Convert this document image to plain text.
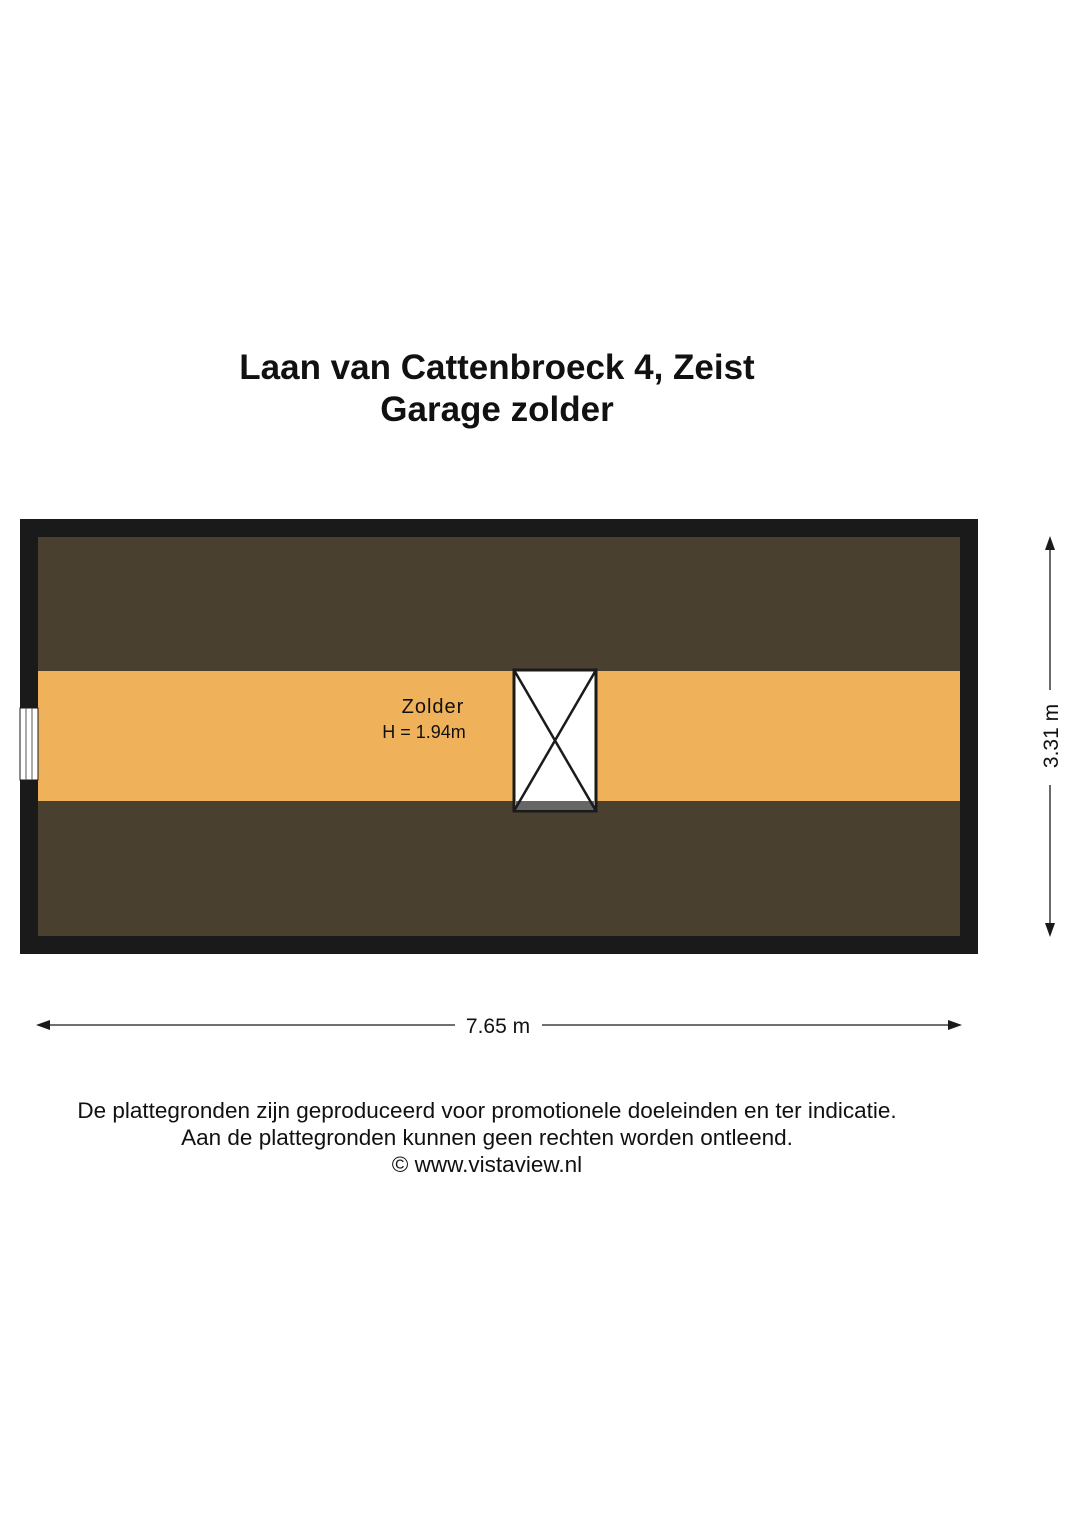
Laan van Cattenbroeck 4, Zeist
Garage zolder
Zolder
H = 1.94m
7.65 m
3.31 m
De plattegronden zijn geproduceerd voor promotionele doeleinden en ter indicatie.
Aan de plattegronden kunnen geen rechten worden ontleend.
© www.vistaview.nl
